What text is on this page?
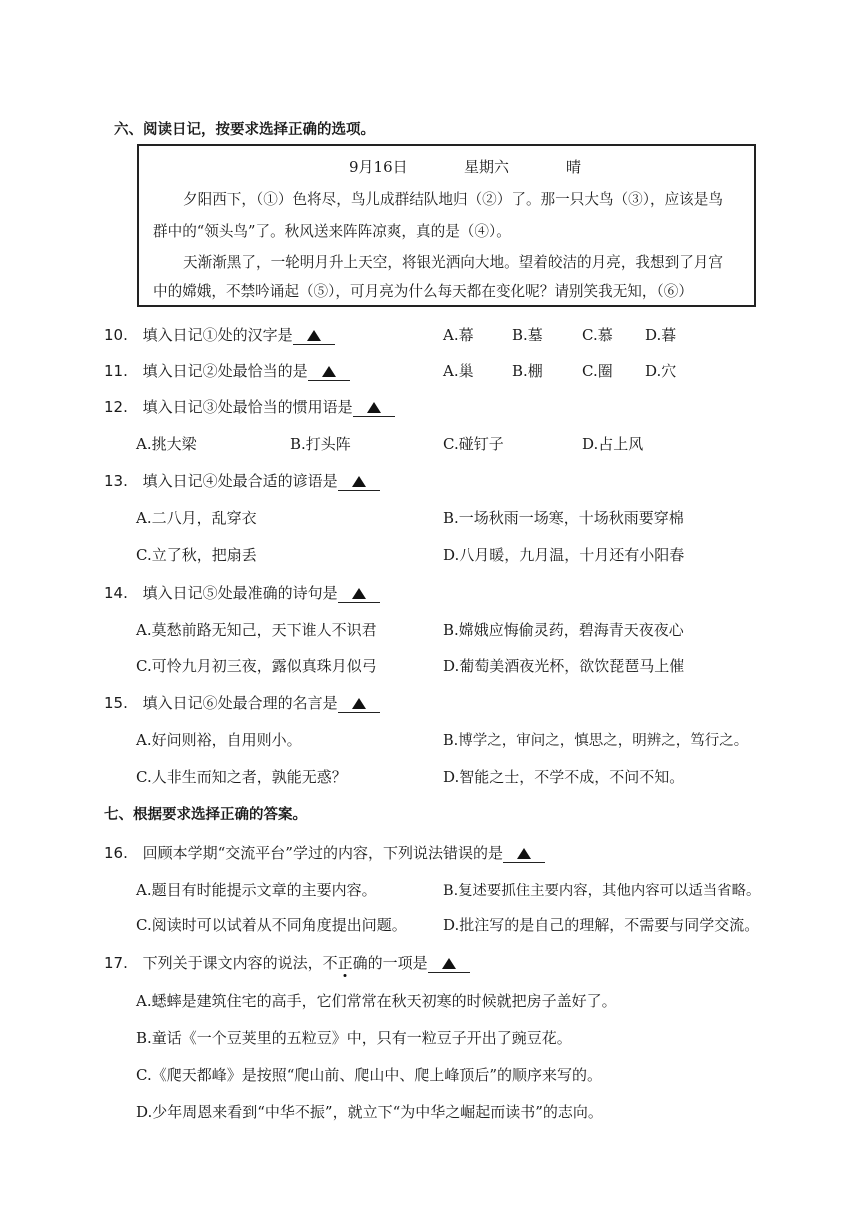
六、阅读日记，按要求选择正确的选项。
9月16日	星期六	晴
夕阳西下，（①）色将尽，鸟儿成群结队地归（②）了。那一只大鸟（③），应该是鸟
群中的“领头鸟”了。秋风送来阵阵凉爽，真的是（④）。
天渐渐黑了，一轮明月升上天空，将银光洒向大地。望着皎洁的月亮，我想到了月宫
中的嫦娥，不禁吟诵起（⑤），可月亮为什么每天都在变化呢？请别笑我无知，（⑥）
10. 填入日记①处的汉字是	A.幕	B.墓	C.慕 D.暮
11. 填入日记②处最恰当的是	A.巢	B.棚	C.圈 D.穴
12. 填入日记③处最恰当的惯用语是
A.挑大梁	B.打头阵	C.碰钉子	D.占上风
13. 填入日记④处最合适的谚语是
A.二八月，乱穿衣	B.一场秋雨一场寒，十场秋雨要穿棉
C.立了秋，把扇丢	D.八月暖，九月温，十月还有小阳春
14. 填入日记⑤处最准确的诗句是
A.莫愁前路无知己，天下谁人不识君	B.嫦娥应悔偷灵药，碧海青天夜夜心
C.可怜九月初三夜，露似真珠月似弓	D.葡萄美酒夜光杯，欲饮琵琶马上催
15. 填入日记⑥处最合理的名言是
A.好问则裕，自用则小。	B.博学之，审问之，慎思之，明辨之，笃行之。
C.人非生而知之者，孰能无惑？	D.智能之士，不学不成，不问不知。
七、根据要求选择正确的答案。
16. 回顾本学期“交流平台”学过的内容，下列说法错误的是
A.题目有时能提示文章的主要内容。	B.复述要抓住主要内容，其他内容可以适当省略。
C.阅读时可以试着从不同角度提出问题。 D.批注写的是自己的理解，不需要与同学交流。
17. 下列关于课文内容的说法，不正确的一项是
A.蟋蟀是建筑住宅的高手，它们常常在秋天初寒的时候就把房子盖好了。
B.童话《一个豆荚里的五粒豆》中，只有一粒豆子开出了豌豆花。
C.《爬天都峰》是按照“爬山前、爬山中、爬上峰顶后”的顺序来写的。
D.少年周恩来看到“中华不振”，就立下“为中华之崛起而读书”的志向。
